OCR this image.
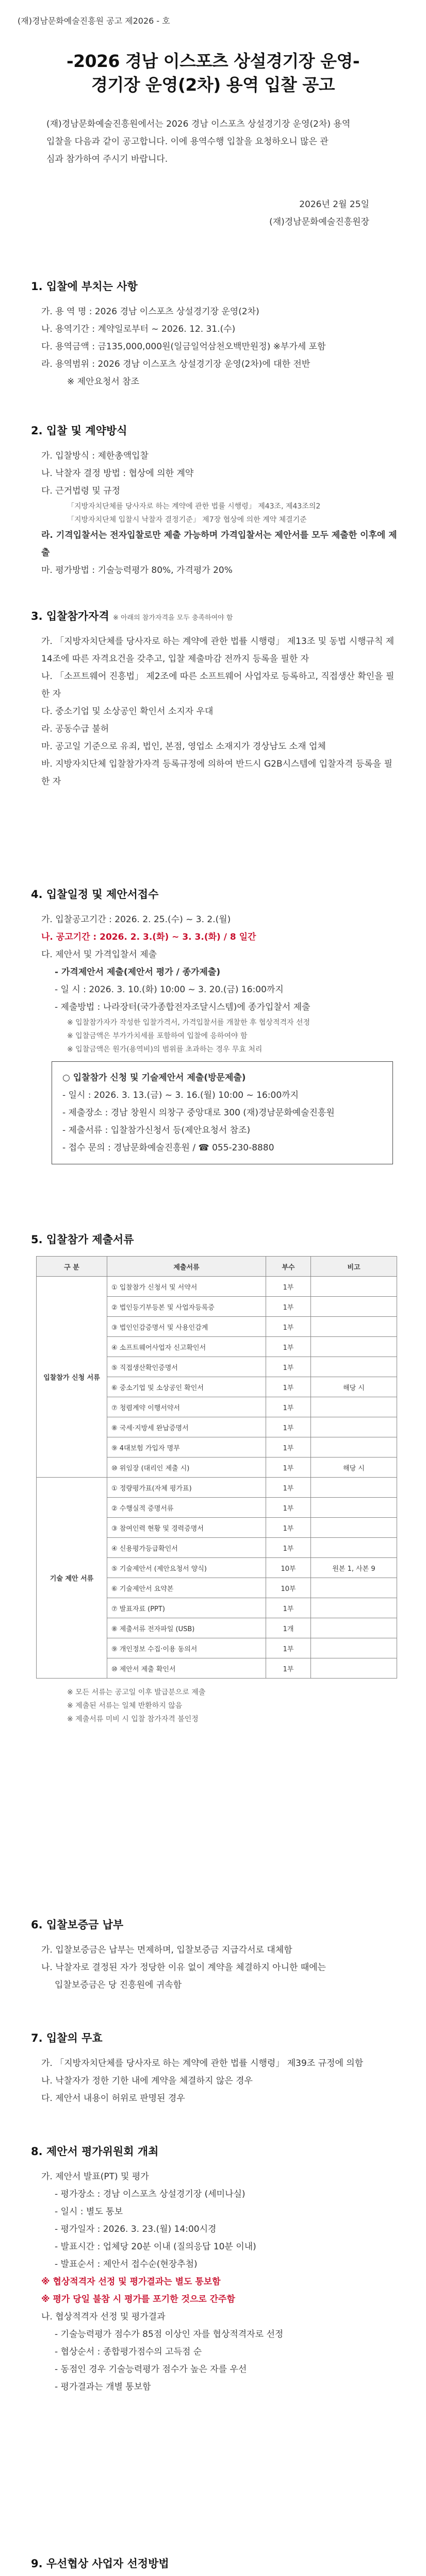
(재)경남문화예술진흥원 공고 제2026 - 호
-2026 경남 이스포츠 상설경기장 운영-
경기장 운영(2차) 용역 입찰 공고
(재)경남문화예술진흥원에서는 2026 경남 이스포츠 상설경기장 운영(2차) 용역
입찰을 다음과 같이 공고합니다. 이에 용역수행 입찰을 요청하오니 많은 관
심과 참가하여 주시기 바랍니다.
2026년 2월 25일
(재)경남문화예술진흥원장
1. 입찰에 부치는 사항
가. 용 역 명 : 2026 경남 이스포츠 상설경기장 운영(2차)
나. 용역기간 : 계약일로부터 ~ 2026. 12. 31.(수)
다. 용역금액 : 금135,000,000원(일금일억삼천오백만원정) ※부가세 포함
라. 용역범위 : 2026 경남 이스포츠 상설경기장 운영(2차)에 대한 전반
※ 제안요청서 참조
2. 입찰 및 계약방식
가. 입찰방식 : 제한총액입찰
나. 낙찰자 결정 방법 : 협상에 의한 계약
다. 근거법령 및 규정
「지방자치단체를 당사자로 하는 계약에 관한 법률 시행령」 제43조, 제43조의2
「지방자치단체 입찰시 낙찰자 결정기준」 제7장 협상에 의한 계약 체결기준
라. 기격입찰서는 전자입찰로만 제출 가능하며 가격입찰서는 제안서를 모두 제출한 이후에 제출
마. 평가방법 : 기술능력평가 80%, 가격평가 20%
3. 입찰참가자격 ※ 아래의 참가자격을 모두 충족하여야 함
가. 「지방자치단체를 당사자로 하는 계약에 관한 법률 시행령」 제13조 및 동법 시행규칙 제14조에 따른 자격요건을 갖추고, 입찰 제출마감 전까지 등록을 필한 자
나. 「소프트웨어 진흥법」 제2조에 따른 소프트웨어 사업자로 등록하고, 직접생산 확인을 필한 자
다. 중소기업 및 소상공인 확인서 소지자 우대
라. 공동수급 불허
마. 공고일 기준으로 유죄, 법인, 본점, 영업소 소재지가 경상남도 소재 업체
바. 지방자치단체 입찰참가자격 등록규정에 의하여 반드시 G2B시스템에 입찰자격 등록을 필한 자
4. 입찰일정 및 제안서접수
가. 입찰공고기간 : 2026. 2. 25.(수) ~ 3. 2.(월)
나. 공고기간 : 2026. 2. 3.(화) ~ 3. 3.(화) / 8 일간
다. 제안서 및 가격입찰서 제출
- 가격제안서 제출(제안서 평가 / 종가제출)
- 일 시 : 2026. 3. 10.(화) 10:00 ~ 3. 20.(금) 16:00까지
- 제출방법 : 나라장터(국가종합전자조달시스템)에 종가입찰서 제출
※ 입찰참가자가 작성한 입찰가격서, 가격입찰서를 개찰한 후 협상적격자 선정
※ 입찰금액은 부가가치세를 포함하여 입찰에 응하여야 함
※ 입찰금액은 원가(용역비)의 범위를 초과하는 경우 무효 처리
○ 입찰참가 신청 및 기술제안서 제출(방문제출)
- 일시 : 2026. 3. 13.(금) ~ 3. 16.(월) 10:00 ~ 16:00까지
- 제출장소 : 경남 창원시 의창구 중앙대로 300 (재)경남문화예술진흥원
- 제출서류 : 입찰참가신청서 등(제안요청서 참조)
- 접수 문의 : 경남문화예술진흥원 / ☎ 055-230-8880
5. 입찰참가 제출서류
구 분	제출서류	부수	비고
입찰참가 신청 서류	① 입찰참가 신청서 및 서약서	1부	
	② 법인등기부등본 및 사업자등록증	1부	
	③ 법인인감증명서 및 사용인감계	1부	
	④ 소프트웨어사업자 신고확인서	1부	
	⑤ 직접생산확인증명서	1부	
	⑥ 중소기업 및 소상공인 확인서	1부	해당 시
	⑦ 청렴계약 이행서약서	1부	
	⑧ 국세·지방세 완납증명서	1부	
	⑨ 4대보험 가입자 명부	1부	
	⑩ 위임장 (대리인 제출 시)	1부	해당 시
기술 제안 서류	① 정량평가표(자체 평가표)	1부	
	② 수행실적 증명서류	1부	
	③ 참여인력 현황 및 경력증명서	1부	
	④ 신용평가등급확인서	1부	
	⑤ 기술제안서 (제안요청서 양식)	10부	원본 1, 사본 9
	⑥ 기술제안서 요약본	10부	
	⑦ 발표자료 (PPT)	1부	
	⑧ 제출서류 전자파일 (USB)	1개	
	⑨ 개인정보 수집·이용 동의서	1부	
	⑩ 제안서 제출 확인서	1부	
※ 모든 서류는 공고일 이후 발급분으로 제출
※ 제출된 서류는 일체 반환하지 않음
※ 제출서류 미비 시 입찰 참가자격 불인정
6. 입찰보증금 납부
가. 입찰보증금은 납부는 면제하며, 입찰보증금 지급각서로 대체함
나. 낙찰자로 결정된 자가 정당한 이유 없이 계약을 체결하지 아니한 때에는
입찰보증금은 당 진흥원에 귀속함
7. 입찰의 무효
가. 「지방자치단체를 당사자로 하는 계약에 관한 법률 시행령」 제39조 규정에 의함
나. 낙찰자가 정한 기한 내에 계약을 체결하지 않은 경우
다. 제안서 내용이 허위로 판명된 경우
8. 제안서 평가위원회 개최
가. 제안서 발표(PT) 및 평가
- 평가장소 : 경남 이스포츠 상설경기장 (세미나실)
- 일시 : 별도 통보
- 평가일자 : 2026. 3. 23.(월) 14:00시경
- 발표시간 : 업체당 20분 이내 (질의응답 10분 이내)
- 발표순서 : 제안서 접수순(현장추첨)
※ 협상적격자 선정 및 평가결과는 별도 통보함
※ 평가 당일 불참 시 평가를 포기한 것으로 간주함
나. 협상적격자 선정 및 평가결과
- 기술능력평가 점수가 85점 이상인 자를 협상적격자로 선정
- 협상순서 : 종합평가점수의 고득점 순
- 동점인 경우 기술능력평가 점수가 높은 자를 우선
- 평가결과는 개별 통보함
9. 우선협상 사업자 선정방법
